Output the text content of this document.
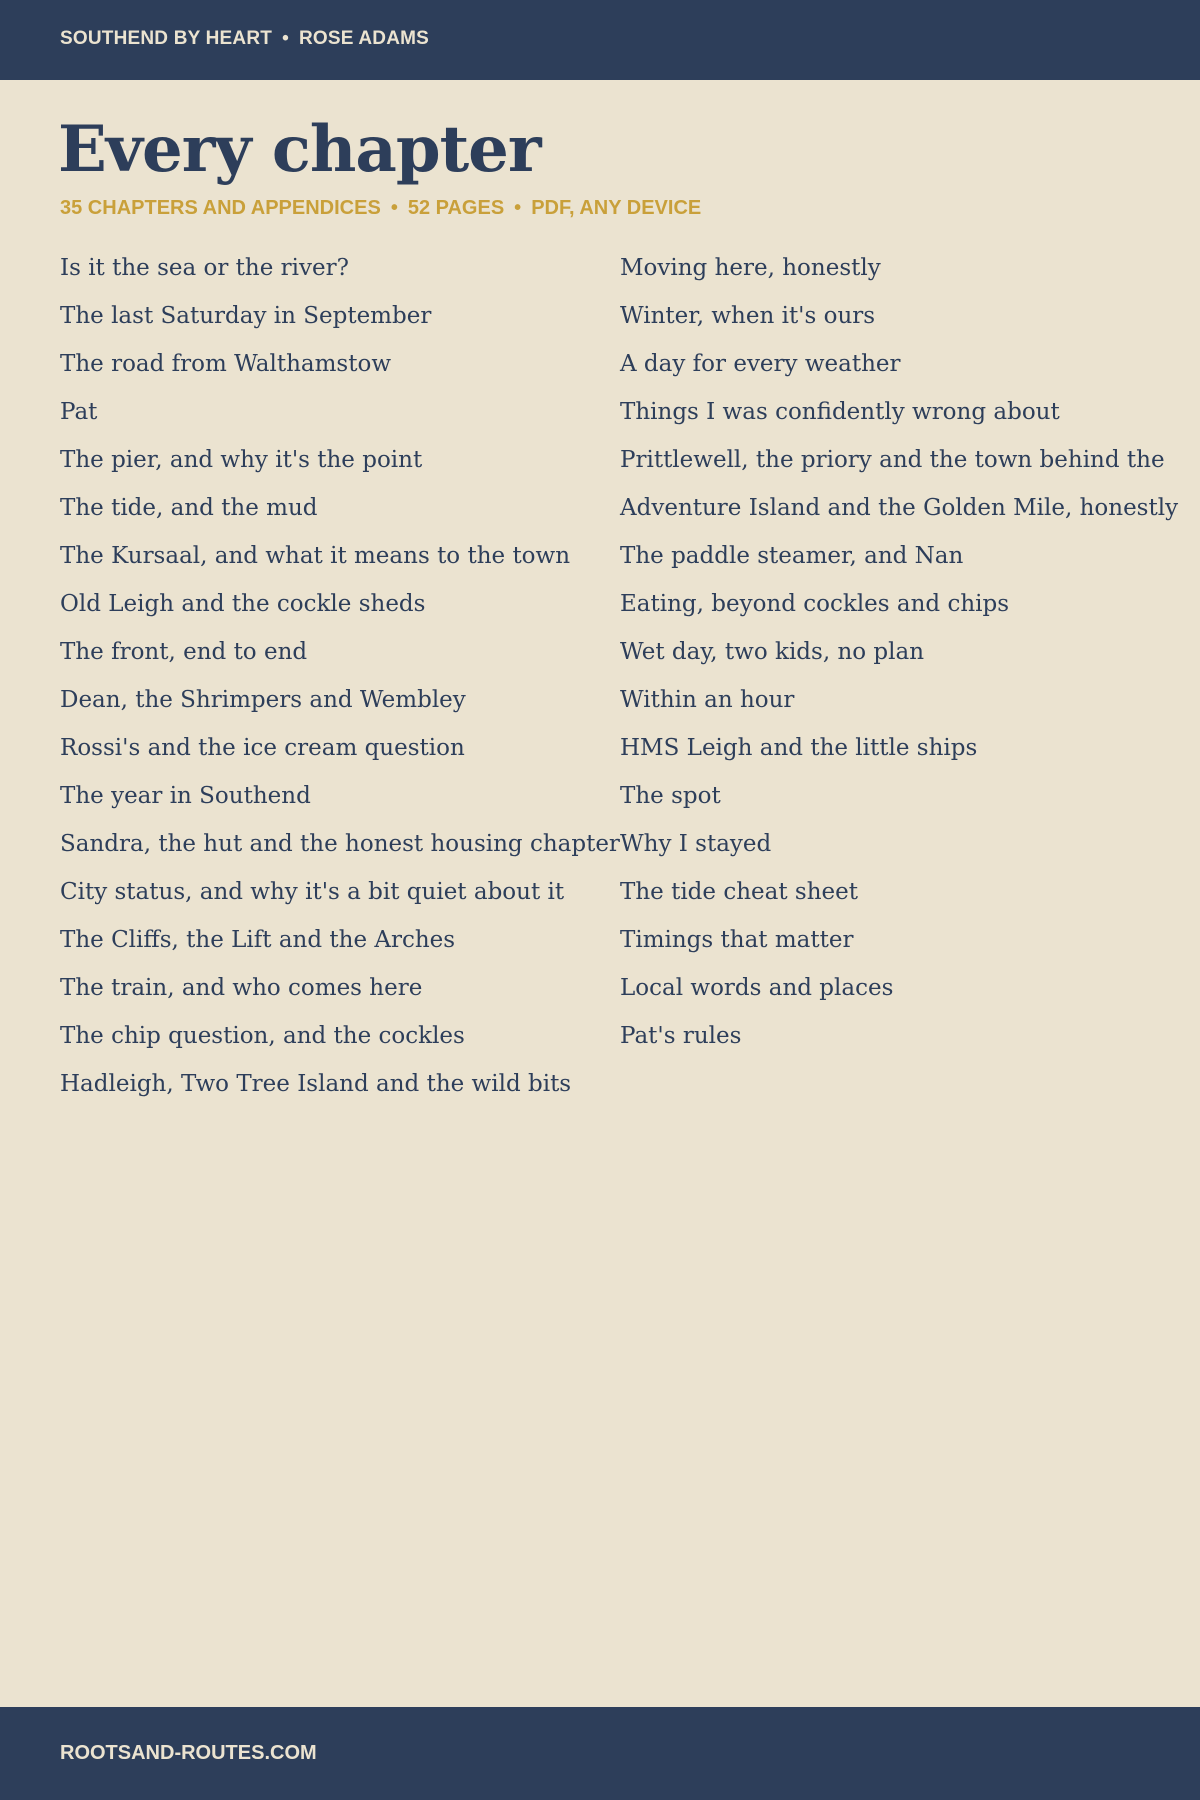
SOUTHEND BY HEART • ROSE ADAMS
Every chapter
35 CHAPTERS AND APPENDICES • 52 PAGES • PDF, ANY DEVICE
Is it the sea or the river?
The last Saturday in September
The road from Walthamstow
Pat
The pier, and why it's the point
The tide, and the mud
The Kursaal, and what it means to the town
Old Leigh and the cockle sheds
The front, end to end
Dean, the Shrimpers and Wembley
Rossi's and the ice cream question
The year in Southend
Sandra, the hut and the honest housing chapter
City status, and why it's a bit quiet about it
The Cliffs, the Lift and the Arches
The train, and who comes here
The chip question, and the cockles
Hadleigh, Two Tree Island and the wild bits
Moving here, honestly
Winter, when it's ours
A day for every weather
Things I was confidently wrong about
Prittlewell, the priory and the town behind the
Adventure Island and the Golden Mile, honestly
The paddle steamer, and Nan
Eating, beyond cockles and chips
Wet day, two kids, no plan
Within an hour
HMS Leigh and the little ships
The spot
Why I stayed
The tide cheat sheet
Timings that matter
Local words and places
Pat's rules
ROOTSAND-ROUTES.COM
